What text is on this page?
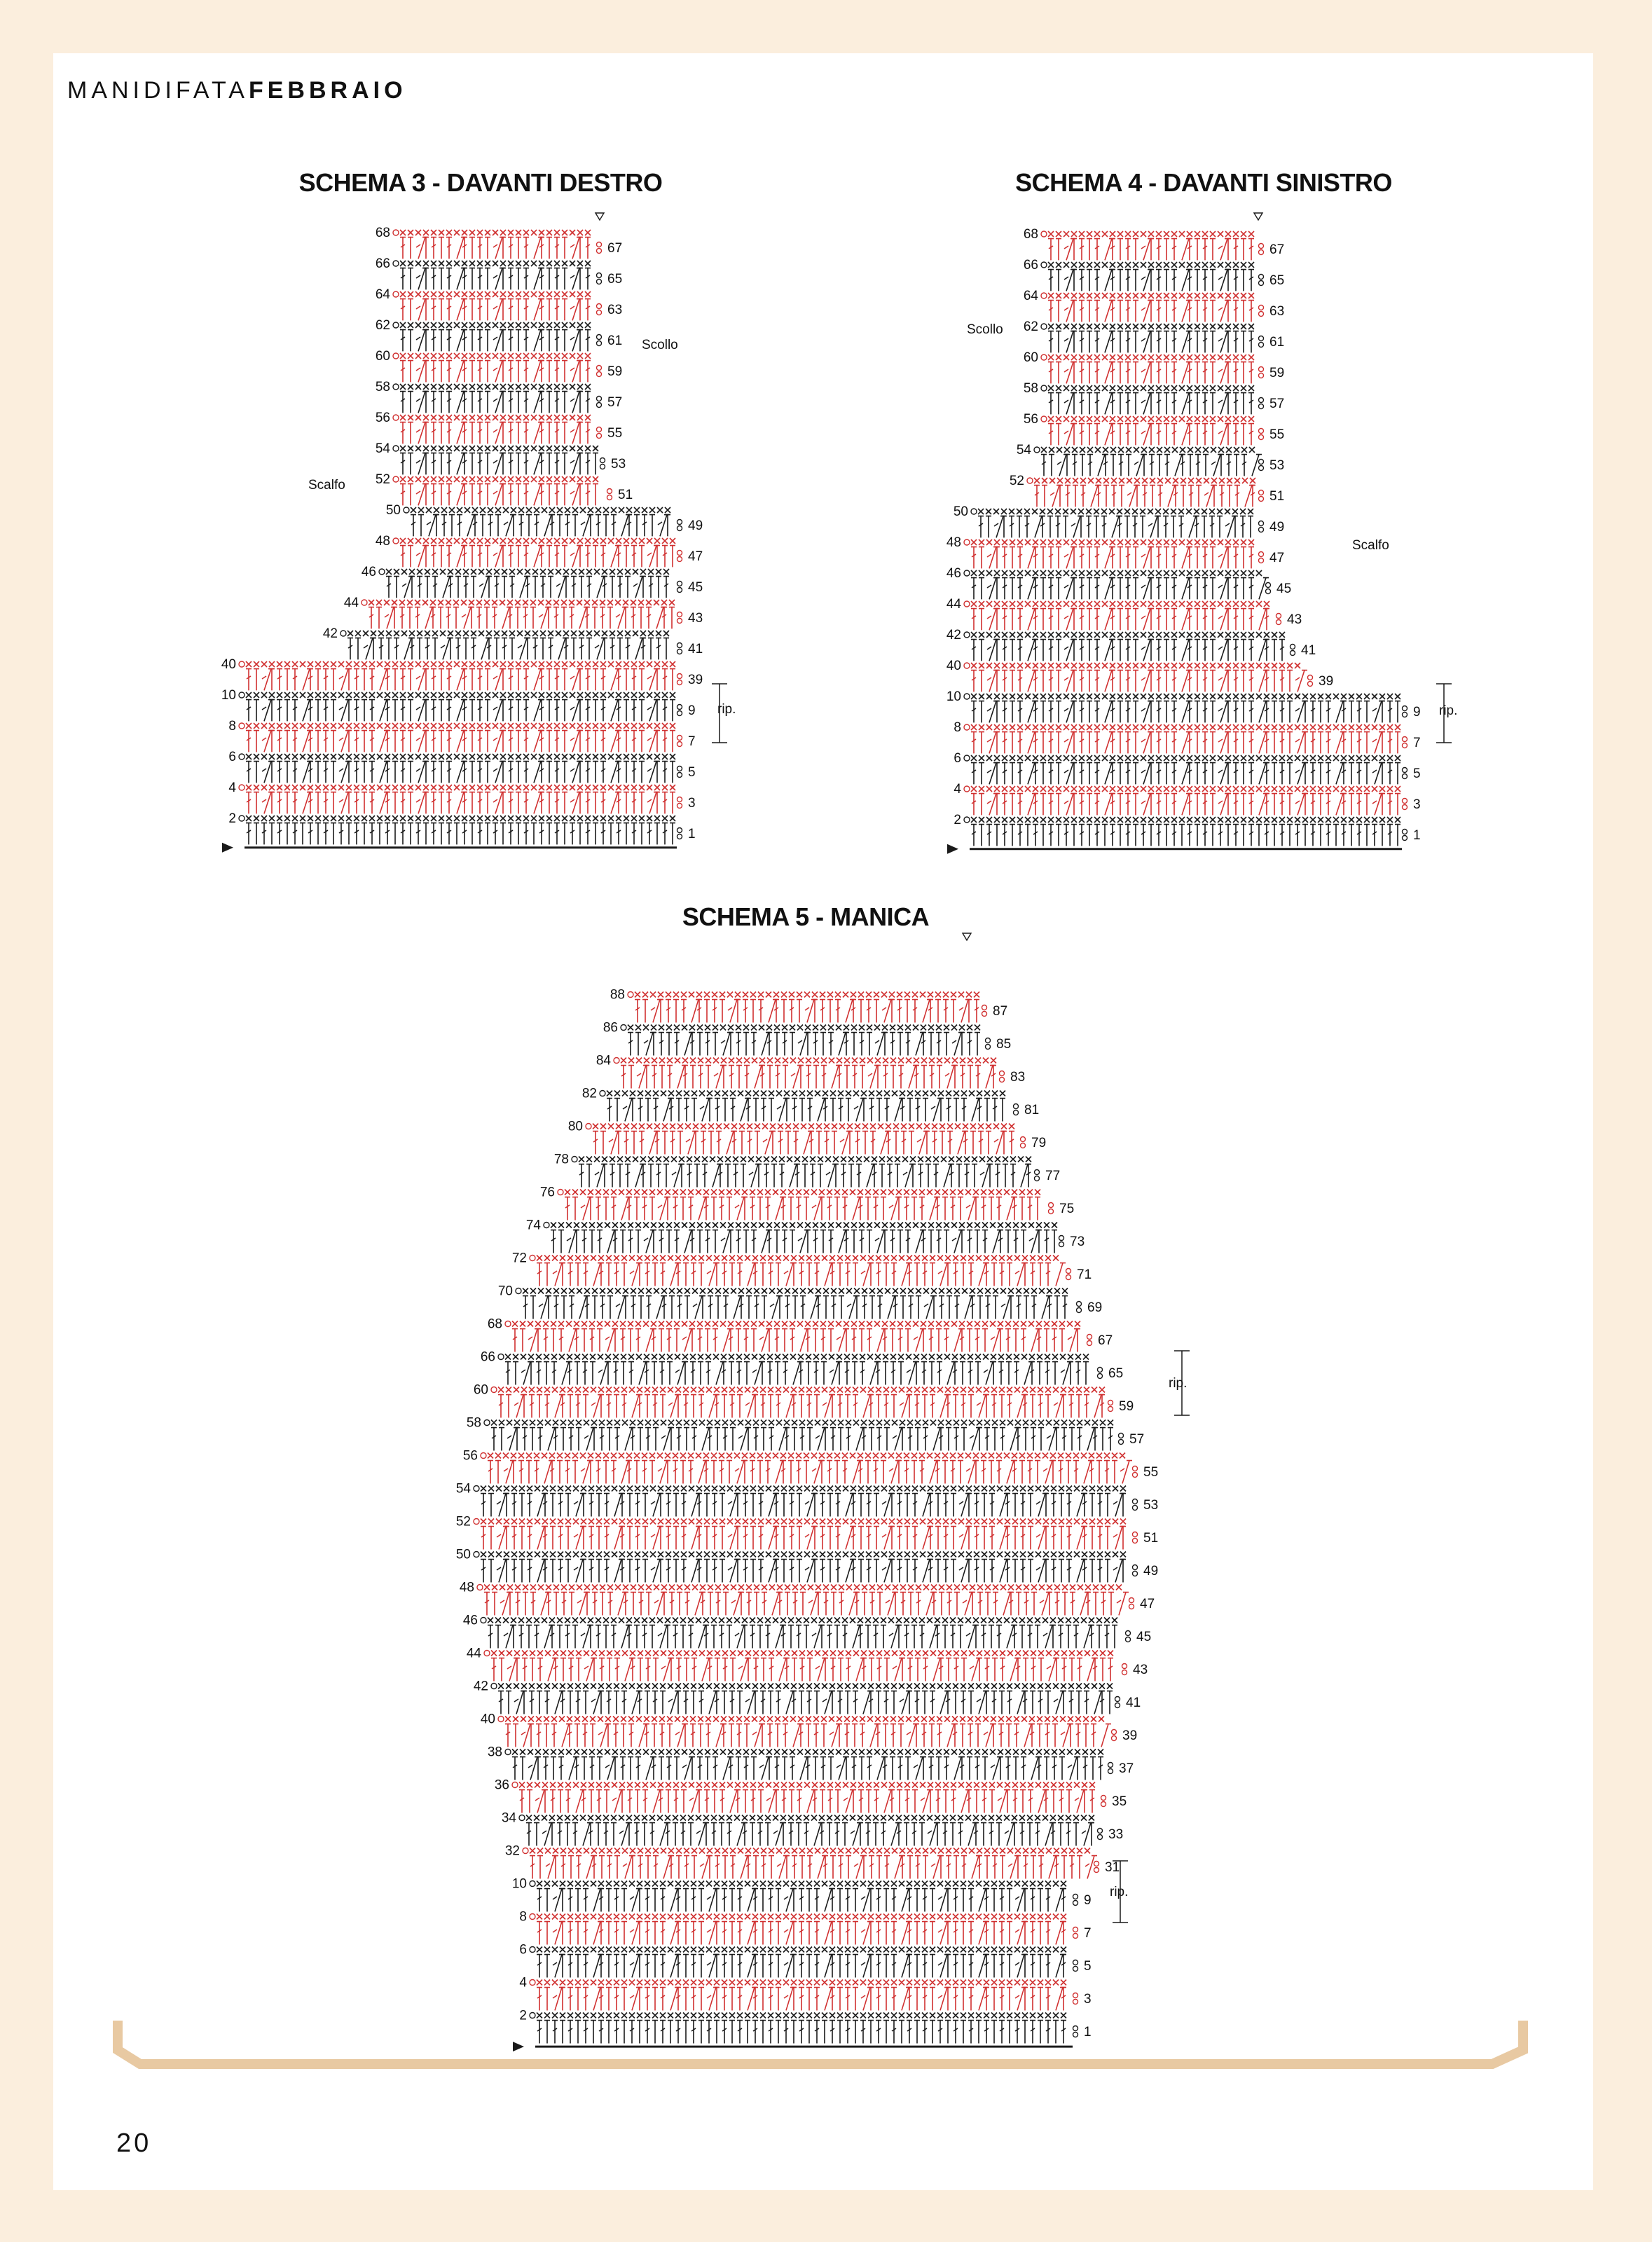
MANIDIFATAFEBBRAIO
SCHEMA 3 - DAVANTI DESTRO	SCHEMA 4 - DAVANTI SINISTRO
SCHEMA 5 - MANICA
1
2
3
4
5
6
7
8
9
10
39
40
41
42
43
44
45
46
47
48
49
50
51
52
53
54
55
56
57
58
59
60
61
62
63
64
65
66
67
68
Scalfo
Scollo
rip.
1
2
3
4
5
6
7
8
9
10
39
40
41
42
43
44
45
46
47
48
49
50
51
52
53
54
55
56
57
58
59
60
61
62
63
64
65
66
67
68
Scollo
Scalfo
rip.
1
2
3
4
5
6
7
8
9
10
31
32
33
34
35
36
37
38
39
40
41
42
43
44
45
46
47
48
49
50
51
52
53
54
55
56
57
58
59
60
65
66
67
68
69
70
71
72
73
74
75
76
77
78
79
80
81
82
83
84
85
86
87
88
rip.
rip.
20
